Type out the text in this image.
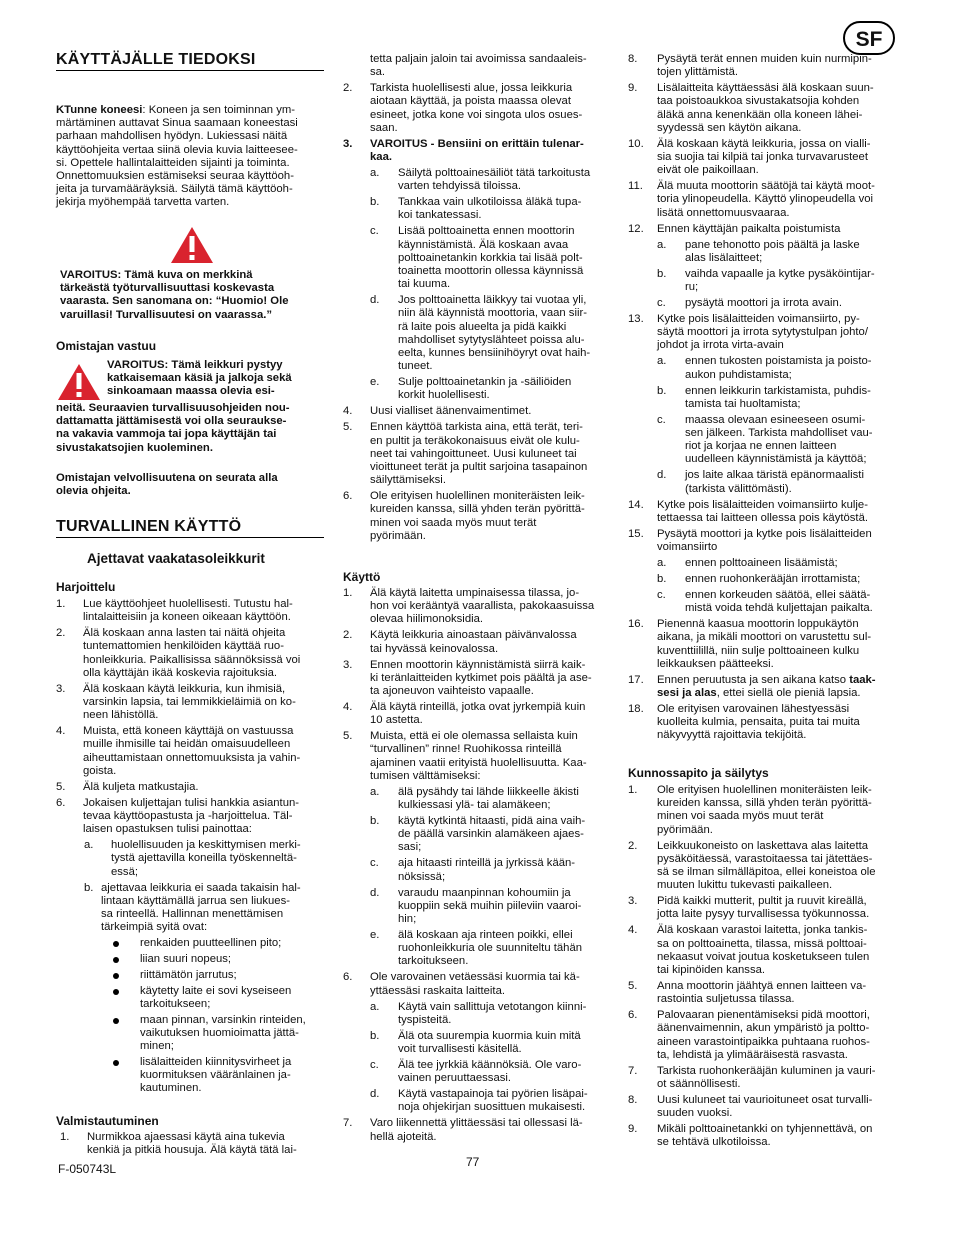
SF
KÄYTTÄJÄLLE TIEDOKSI
KTunne koneesi: Koneen ja sen toiminnan ym-
märtäminen auttavat Sinua saamaan koneestasi
parhaan mahdollisen hyödyn. Lukiessasi näitä
käyttöohjeita vertaa siinä olevia kuvia laitteesee-
si. Opettele hallintalaitteiden sijainti ja toiminta.
Onnettomuuksien estämiseksi seuraa käyttöoh-
jeita ja turvamääräyksiä. Säilytä tämä käyttöoh-
jekirja myöhempää tarvetta varten.
VAROITUS: Tämä kuva on merkkinä
tärkeästä työturvallisuuttasi koskevasta
vaarasta. Sen sanomana on: “Huomio! Ole
varuillasi! Turvallisuutesi on vaarassa.”
Omistajan vastuu
VAROITUS: Tämä leikkuri pystyy
katkaisemaan käsiä ja jalkoja sekä
sinkoamaan maassa olevia esi-
neitä. Seuraavien turvallisuusohjeiden nou-
dattamatta jättämisestä voi olla seurauksе-
na vakavia vammoja tai jopa käyttäjän tai
sivustakatsojien kuoleminen.
Omistajan velvollisuutena on seurata alla
olevia ohjeita.
TURVALLINEN KÄYTTÖ
Ajettavat vaakatasoleikkurit
Harjoittelu
1. Lue käyttöohjeet huolellisesti. Tutustu hal-
lintalaitteisiin ja koneen oikeaan käyttöön.
2. Älä koskaan anna lasten tai näitä ohjeita
tuntemattomien henkilöiden käyttää ruo-
honleikkuria. Paikallisissa säännöksissä voi
olla käyttäjän ikää koskevia rajoituksia.
3. Älä koskaan käytä leikkuria, kun ihmisiä,
varsinkin lapsia, tai lemmikkieläimiä on ko-
neen lähistöllä.
4. Muista, että koneen käyttäjä on vastuussa
muille ihmisille tai heidän omaisuudelleen
aiheuttamistaan onnettomuuksista ja vahin-
goista.
5. Älä kuljeta matkustajia.
6. Jokaisen kuljettajan tulisi hankkia asiantun-
tevaa käyttöopastusta ja -harjoittelua. Täl-
laisen opastuksen tulisi painottaa:
a. huolellisuuden ja keskittymisen merki-
tystä ajettavilla koneilla työskenneltä-
essä;
b. ajettavaa leikkuria ei saada takaisin hal-
lintaan käyttämällä jarrua sen liukues-
sa rinteellä. Hallinnan menettämisen
tärkeimpiä syitä ovat:
renkaiden puutteellinen pito;
liian suuri nopeus;
riittämätön jarrutus;
käytetty laite ei sovi kyseiseen
tarkoitukseen;
maan pinnan, varsinkin rinteiden,
vaikutuksen huomioimatta jättä-
minen;
lisälaitteiden kiinnitysvirheet ja
kuormituksen vääränlainen ja-
kautuminen.
Valmistautuminen
1. Nurmikkoa ajaessasi käytä aina tukevia
kenkiä ja pitkiä housuja. Älä käytä tätä lai-
tetta paljain jaloin tai avoimissa sandaaleis-
sa.
2. Tarkista huolellisesti alue, jossa leikkuria
aiotaan käyttää, ja poista maassa olevat
esineet, jotka kone voi singota ulos osues-
saan.
3. VAROITUS - Bensiini on erittäin tulenar-
kaa.
a. Säilytä polttoainesäiliöt tätä tarkoitusta
varten tehdyissä tiloissa.
b. Tankkaa vain ulkotiloissa äläkä tupa-
koi tankatessasi.
c. Lisää polttoainetta ennen moottorin
käynnistämistä. Älä koskaan avaa
polttoainetankin korkkia tai lisää polt-
toainetta moottorin ollessa käynnissä
tai kuuma.
d. Jos polttoainetta läikkyy tai vuotaa yli,
niin älä käynnistä moottoria, vaan siir-
rä laite pois alueelta ja pidä kaikki
mahdolliset sytytyslähteet poissa alu-
eelta, kunnes bensiinihöyryt ovat haih-
tuneet.
e. Sulje polttoainetankin ja -säiliöiden
korkit huolellisesti.
4. Uusi vialliset äänenvaimentimet.
5. Ennen käyttöä tarkista aina, että terät, teri-
en pultit ja teräkokonaisuus eivät ole kulu-
neet tai vahingoittuneet. Uusi kuluneet tai
vioittuneet terät ja pultit sarjoina tasapainon
säilyttämiseksi.
6. Ole erityisen huolellinen moniteräisten leik-
kureiden kanssa, sillä yhden terän pyörittä-
minen voi saada myös muut terät
pyörimään.
Käyttö
1. Älä käytä laitetta umpinaisessa tilassa, jo-
hon voi kerääntyä vaarallista, pakokaasuissa
olevaa hiilimonoksidia.
2. Käytä leikkuria ainoastaan päivänvalossa
tai hyvässä keinovalossa.
3. Ennen moottorin käynnistämistä siirrä kaik-
ki teränlaitteiden kytkimet pois päältä ja ase-
ta ajoneuvon vaihteisto vapaalle.
4. Älä käytä rinteillä, jotka ovat jyrkempiä kuin
10 astetta.
5. Muista, että ei ole olemassa sellaista kuin
“turvallinen” rinne! Ruohikossa rinteillä
ajaminen vaatii erityistä huolellisuutta. Kaa-
tumisen välttämiseksi:
a. älä pysähdy tai lähde liikkeelle äkisti
kulkiessasi ylä- tai alamäkeen;
b. käytä kytkintä hitaasti, pidä aina vaih-
de päällä varsinkin alamäkeen ajaes-
sasi;
c. aja hitaasti rinteillä ja jyrkissä kään-
nöksissä;
d. varaudu maanpinnan kohoumiin ja
kuoppiin sekä muihin piileviin vaaroi-
hin;
e. älä koskaan aja rinteen poikki, ellei
ruohonleikkuria ole suunniteltu tähän
tarkoitukseen.
6. Ole varovainen vetäessäsi kuormia tai kä-
yttäessäsi raskaita laitteita.
a. Käytä vain sallittuja vetotangon kiinni-
tyspisteitä.
b. Älä ota suurempia kuormia kuin mitä
voit turvallisesti käsitellä.
c. Älä tee jyrkkiä käännöksiä. Ole varo-
vainen peruuttaessasi.
d. Käytä vastapainoja tai pyörien lisäpai-
noja ohjekirjan suosittuen mukaisesti.
7. Varo liikennettä ylittäessäsi tai ollessasi lä-
hellä ajoteitä.
8. Pysäytä terät ennen muiden kuin nurmipin-
tojen ylittämistä.
9. Lisälaitteita käyttäessäsi älä koskaan suun-
taa poistoaukkoa sivustakatsojia kohden
äläkä anna kenenkään olla koneen lähei-
syydessä sen käytön aikana.
10. Älä koskaan käytä leikkuria, jossa on vialli-
sia suojia tai kilpiä tai jonka turvavarusteet
eivät ole paikoillaan.
11. Älä muuta moottorin säätöjä tai käytä moot-
toria ylinopeudella. Käyttö ylinopeudella voi
lisätä onnettomuusvaaraa.
12. Ennen käyttäjän paikalta poistumista
a. pane tehonotto pois päältä ja laske
alas lisälaitteet;
b. vaihda vapaalle ja kytke pysäköintijar-
ru;
c. pysäytä moottori ja irrota avain.
13. Kytke pois lisälaitteiden voimansiirto, py-
säytä moottori ja irrota sytytystulpan johto/
johdot ja irrota virta-avain
a. ennen tukosten poistamista ja poisto-
aukon puhdistamista;
b. ennen leikkurin tarkistamista, puhdis-
tamista tai huoltamista;
c. maassa olevaan esineeseen osumi-
sen jälkeen. Tarkista mahdolliset vau-
riot ja korjaa ne ennen laitteen
uudelleen käynnistämistä ja käyttöä;
d. jos laite alkaa täristä epänormaalisti
(tarkista välittömästi).
14. Kytke pois lisälaitteiden voimansiirto kulje-
tettaessa tai laitteen ollessa pois käytöstä.
15. Pysäytä moottori ja kytke pois lisälaitteiden
voimansiirto
a. ennen polttoaineen lisäämistä;
b. ennen ruohonkerääjän irrottamista;
c. ennen korkeuden säätöä, ellei säätä-
mistä voida tehdä kuljettajan paikalta.
16. Pienennä kaasua moottorin loppukäytön
aikana, ja mikäli moottori on varustettu sul-
kuventtiilillä, niin sulje polttoaineen kulku
leikkauksen päätteeksi.
17. Ennen peruutusta ja sen aikana katso taak-
sesi ja alas, ettei siellä ole pieniä lapsia.
18. Ole erityisen varovainen lähestyessäsi
kuolleita kulmia, pensaita, puita tai muita
näkyvyyttä rajoittavia tekijöitä.
Kunnossapito ja säilytys
1. Ole erityisen huolellinen moniteräisten leik-
kureiden kanssa, sillä yhden terän pyörittä-
minen voi saada myös muut terät
pyörimään.
2. Leikkuukoneisto on laskettava alas laitetta
pysäköitäessä, varastoitaessa tai jätettäes-
sä se ilman silmälläpitoa, ellei koneistoa ole
muuten lukittu tukevasti paikalleen.
3. Pidä kaikki mutterit, pultit ja ruuvit kireällä,
jotta laite pysyy turvallisessa työkunnossa.
4. Älä koskaan varastoi laitetta, jonka tankis-
sa on polttoainetta, tilassa, missä polttoai-
nekaasut voivat joutua kosketukseen tulen
tai kipinöiden kanssa.
5. Anna moottorin jäähtyä ennen laitteen va-
rastointia suljetussa tilassa.
6. Palovaaran pienentämiseksi pidä moottori,
äänenvaimennin, akun ympäristö ja poltto-
aineen varastointipaikka puhtaana ruohos-
ta, lehdistä ja ylimääräisestä rasvasta.
7. Tarkista ruohonkerääjän kuluminen ja vauri-
ot säännöllisesti.
8. Uusi kuluneet tai vaurioituneet osat turvalli-
suuden vuoksi.
9. Mikäli polttoainetankki on tyhjennettävä, on
se tehtävä ulkotiloissa.
F-050743L	77
